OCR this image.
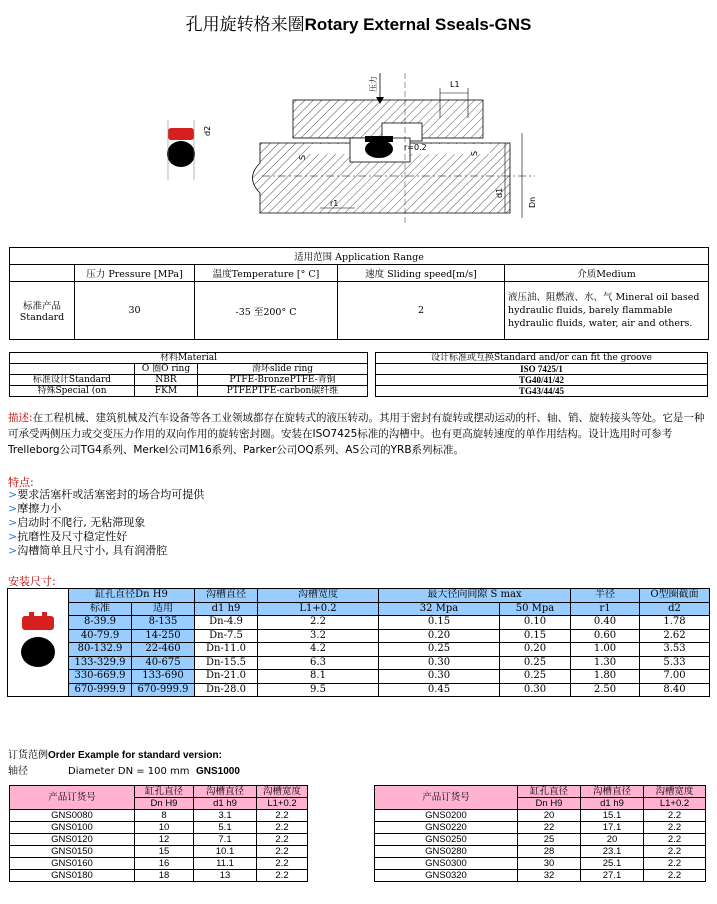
孔用旋转格来圈Rotary External Sseals-GNS
d2
压力	L1
S
S
r=0.2
r1
d1
Dn
适用范围 Application Range				
	压力 Pressure [MPa]	温度Temperature [° C]	速度 Sliding speed[m/s]	介质Medium
标准产品
Standard	30	-35 至200° C	2	液压油、阻燃液、水、气 Mineral oil based hydraulic fluids, barely flammable hydraulic fluids, water, air and others.
材料Material		
	O 圈O ring	滑环slide ring
标准设计Standard	NBR	PTFE-BronzePTFE-青铜
特殊Special (on	FKM	PTFEPTFE-carbon碳纤维
设计标准或互换Standard and/or can fit the groove
ISO 7425/1
TG40/41/42
TG43/44/45
描述:在工程机械、建筑机械及汽车设备等各工业领域都存在旋转式的液压转动。其用于密封有旋转或摆动运动的杆、轴、销、旋转接头等处。它是一种可承受两侧压力或交变压力作用的双向作用的旋转密封圈。安装在ISO7425标准的沟槽中。也有更高旋转速度的单作用结构。设计选用时可参考Trelleborg公司TG4系列、Merkel公司M16系列、Parker公司OQ系列、AS公司的YRB系列标准。
特点:
>要求活塞杆或活塞密封的场合均可提供
>摩擦力小
>启动时不爬行, 无粘滞现象
>抗磨性及尺寸稳定性好
>沟槽简单且尺寸小, 具有润滑腔
安装尺寸:
	缸孔直径Dn H9		沟槽直径	沟槽宽度	最大径向间隙 S max		半径	O型圈截面
	标准	适用	d1 h9	L1+0.2	32 Mpa	50 Mpa	r1	d2
	8-39.9	8-135	Dn-4.9	2.2	0.15	0.10	0.40	1.78
	40-79.9	14-250	Dn-7.5	3.2	0.20	0.15	0.60	2.62
	80-132.9	22-460	Dn-11.0	4.2	0.25	0.20	1.00	3.53
	133-329.9	40-675	Dn-15.5	6.3	0.30	0.25	1.30	5.33
	330-669.9	133-690	Dn-21.0	8.1	0.30	0.25	1.80	7.00
	670-999.9	670-999.9	Dn-28.0	9.5	0.45	0.30	2.50	8.40
订货范例Order Example for standard version:
轴径	Diameter DN = 100 mm GNS1000
产品订货号	缸孔直径	沟槽直径	沟槽宽度
	Dn H9	d1 h9	L1+0.2
GNS0080	8	3.1	2.2
GNS0100	10	5.1	2.2
GNS0120	12	7.1	2.2
GNS0150	15	10.1	2.2
GNS0160	16	11.1	2.2
GNS0180	18	13	2.2
产品订货号	缸孔直径	沟槽直径	沟槽宽度
	Dn H9	d1 h9	L1+0.2
GNS0200	20	15.1	2.2
GNS0220	22	17.1	2.2
GNS0250	25	20	2.2
GNS0280	28	23.1	2.2
GNS0300	30	25.1	2.2
GNS0320	32	27.1	2.2
